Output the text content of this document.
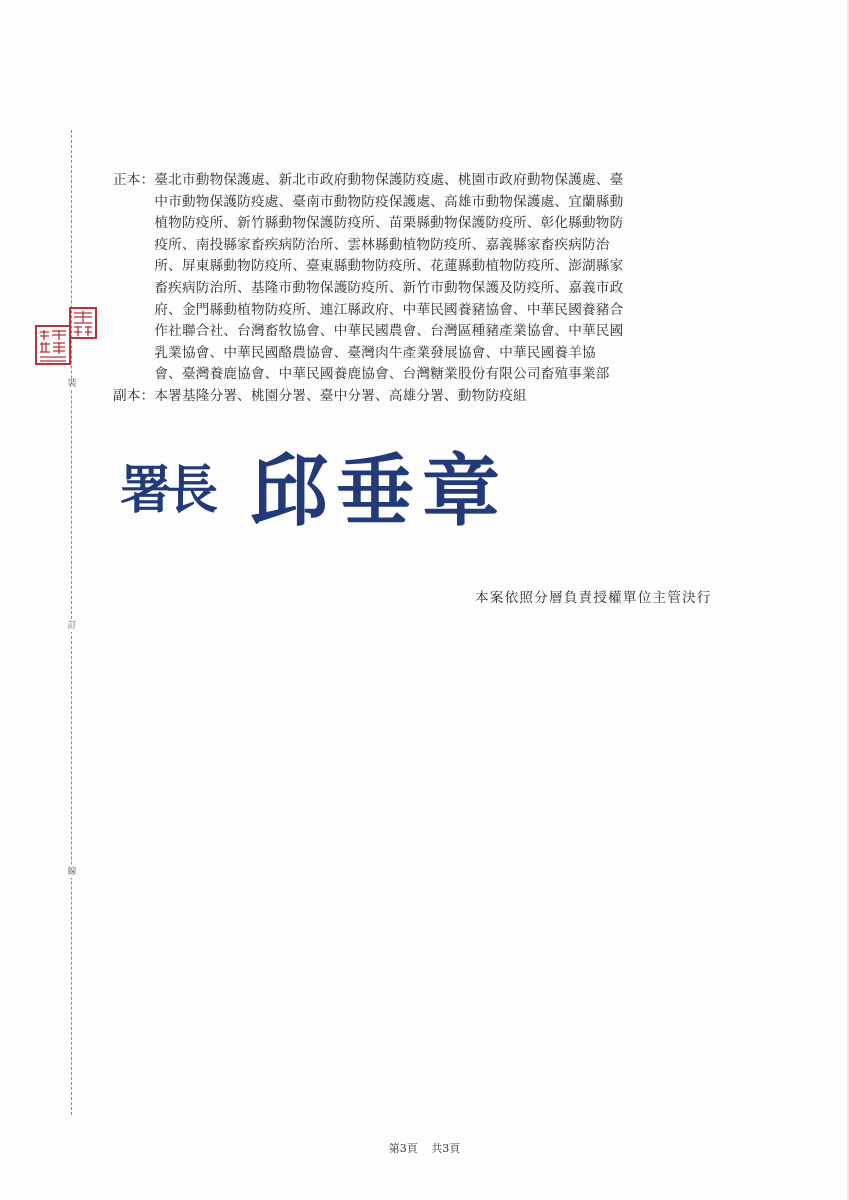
裝
訂
線
正本： 臺北市動物保護處、新北市政府動物保護防疫處、桃園市政府動物保護處、臺
中市動物保護防疫處、臺南市動物防疫保護處、高雄市動物保護處、宜蘭縣動
植物防疫所、新竹縣動物保護防疫所、苗栗縣動物保護防疫所、彰化縣動物防
疫所、南投縣家畜疾病防治所、雲林縣動植物防疫所、嘉義縣家畜疾病防治
所、屏東縣動物防疫所、臺東縣動物防疫所、花蓮縣動植物防疫所、澎湖縣家
畜疾病防治所、基隆市動物保護防疫所、新竹市動物保護及防疫所、嘉義市政
府、金門縣動植物防疫所、連江縣政府、中華民國養豬協會、中華民國養豬合
作社聯合社、台灣畜牧協會、中華民國農會、台灣區種豬產業協會、中華民國
乳業協會、中華民國酪農協會、臺灣肉牛產業發展協會、中華民國養羊協
會、臺灣養鹿協會、中華民國養鹿協會、台灣糖業股份有限公司畜殖事業部
副本： 本署基隆分署、桃園分署、臺中分署、高雄分署、動物防疫組
署長 邱垂章
本案依照分層負責授權單位主管決行
第3頁 共3頁
